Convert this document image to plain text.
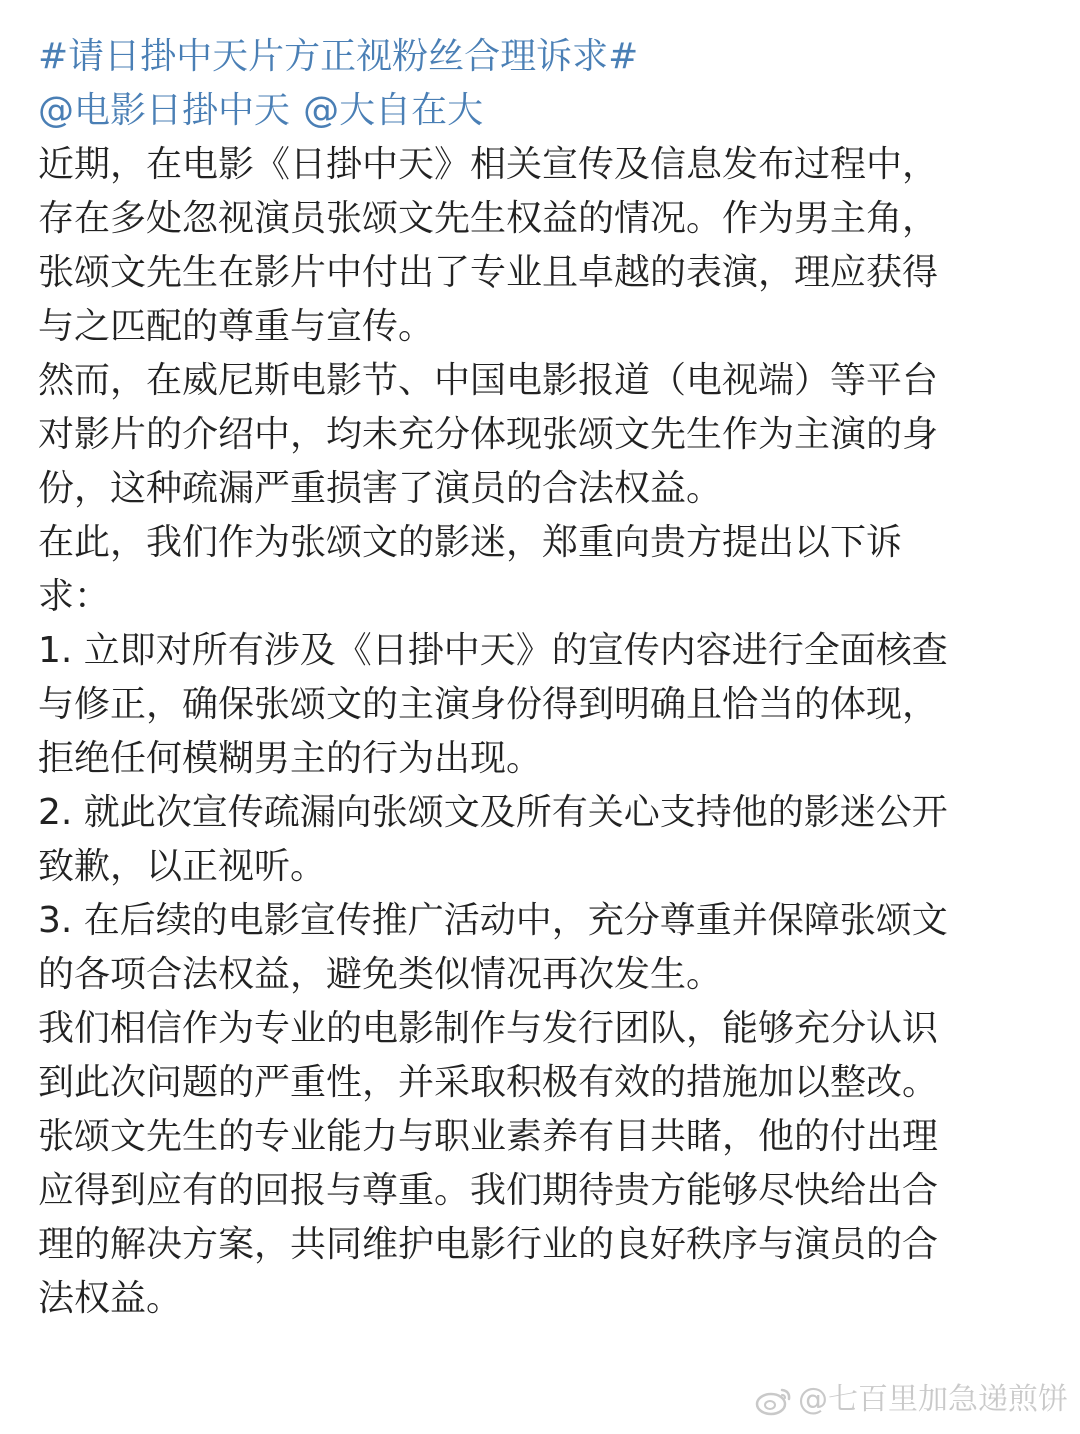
#请日掛中天片方正视粉丝合理诉求#
@电影日掛中天 @大自在大
近期，在电影《日掛中天》相关宣传及信息发布过程中，
存在多处忽视演员张颂文先生权益的情况。作为男主角，
张颂文先生在影片中付出了专业且卓越的表演，理应获得
与之匹配的尊重与宣传。
然而，在威尼斯电影节、中国电影报道（电视端）等平台
对影片的介绍中，均未充分体现张颂文先生作为主演的身
份，这种疏漏严重损害了演员的合法权益。
在此，我们作为张颂文的影迷，郑重向贵方提出以下诉
求：
1. 立即对所有涉及《日掛中天》的宣传内容进行全面核查
与修正，确保张颂文的主演身份得到明确且恰当的体现，
拒绝任何模糊男主的行为出现。
2. 就此次宣传疏漏向张颂文及所有关心支持他的影迷公开
致歉，以正视听。
3. 在后续的电影宣传推广活动中，充分尊重并保障张颂文
的各项合法权益，避免类似情况再次发生。
我们相信作为专业的电影制作与发行团队，能够充分认识
到此次问题的严重性，并采取积极有效的措施加以整改。
张颂文先生的专业能力与职业素养有目共睹，他的付出理
应得到应有的回报与尊重。我们期待贵方能够尽快给出合
理的解决方案，共同维护电影行业的良好秩序与演员的合
法权益。
@七百里加急递煎饼
